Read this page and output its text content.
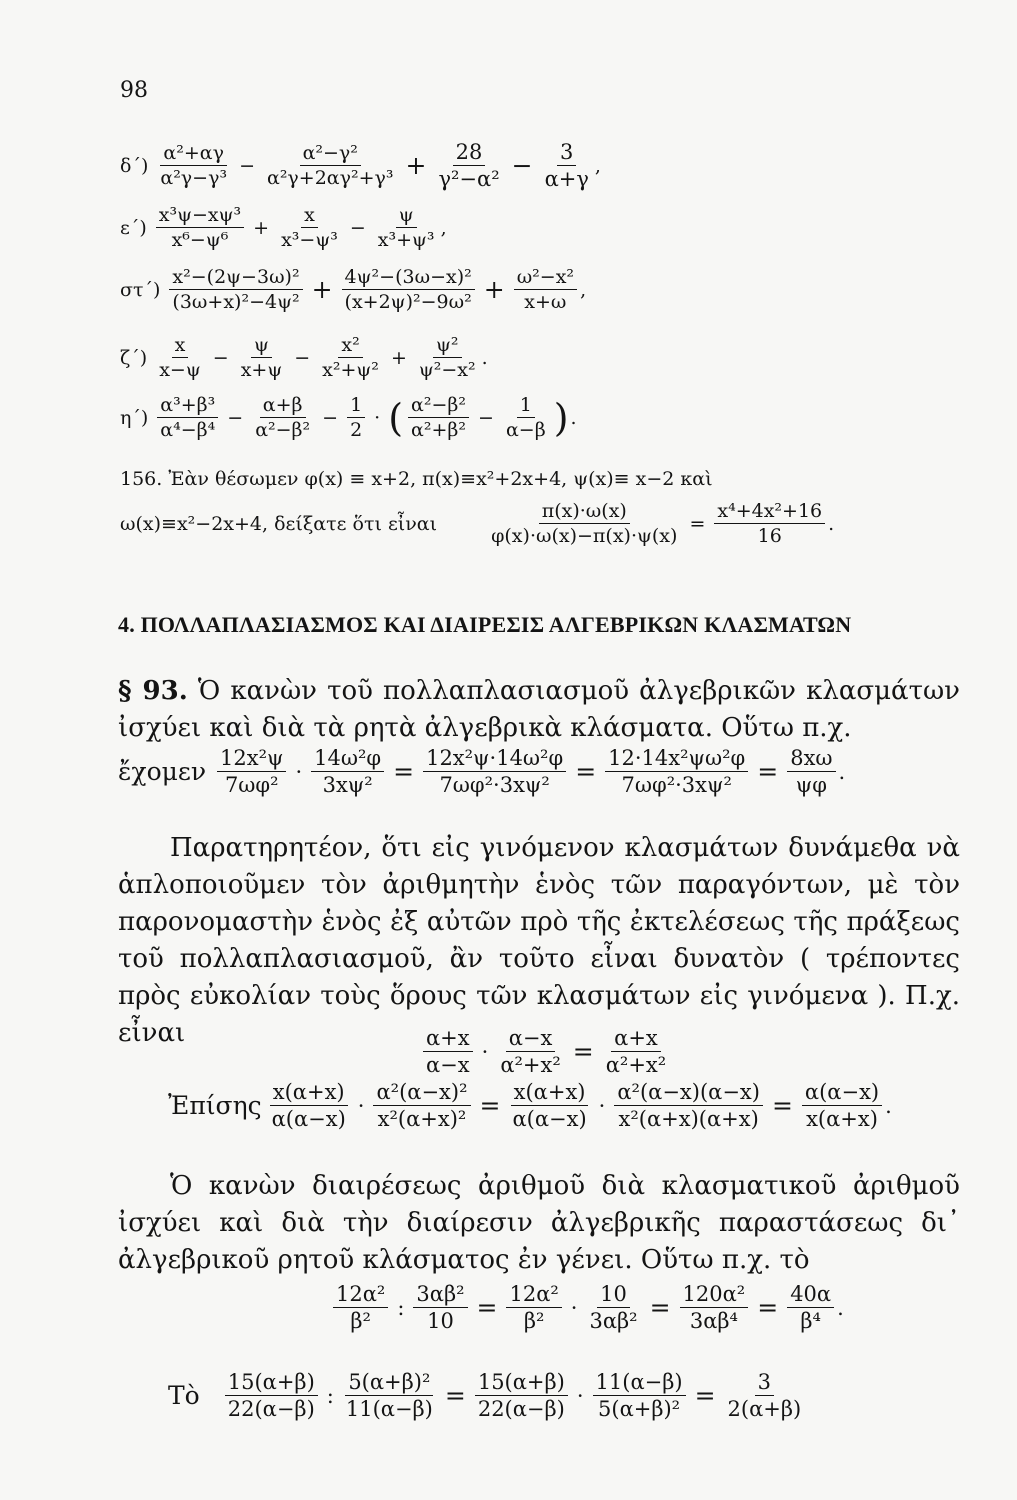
98
$\delta΄) \frac{\text{α²+αγ}}{\text{α²γ−γ³}} - \frac{\text{α²−γ²}}{\text{α²γ+2αγ²+γ³}} + \frac{28}{\text{γ²−α²}} - \frac{3}{\alpha+\gamma}$ ,
$\varepsilon΄) \frac{\text{x³ψ−xψ³}}{\text{x⁶−ψ⁶}} + \frac{x}{\text{x³−ψ³}} - \frac{\psi}{\text{x³+ψ³}}$ ,
$\sigma\tau΄) \frac{\text{x²−(2ψ−3ω)²}}{\text{(3ω+x)²−4ψ²}} + \frac{\text{4ψ²−(3ω−x)²}}{\text{(x+2ψ)²−9ω²}} + \frac{\text{ω²−x²}}{x+\omega}$ ,
$\zeta΄) \frac{x}{x-\psi} - \frac{\psi}{x+\psi} - \frac{\text{x²}}{\text{x²+ψ²}} + \frac{\text{ψ²}}{\text{ψ²−x²}}$ .
$\eta΄) \frac{\text{α³+β³}}{\text{α⁴−β⁴}} - \frac{\alpha+\beta}{\text{α²−β²}} - \frac{1}{2}$ · ( $\frac{\text{α²−β²}}{\text{α²+β²}} - \frac{1}{\alpha-\beta}$ ) .
156. Ἐὰν θέσωμεν φ(x) ≡ x+2, π(x)≡x²+2x+4, ψ(x)≡ x−2 καὶ
ω(x)≡x²−2x+4, δείξατε ὅτι εἶναι	$\frac{\pi(x)\cdot\omega(x)}{\varphi(x)\cdot\omega(x)-\pi(x)\cdot\psi(x)} = \frac{\text{x⁴+4x²+16}}{16}$ .
4. ΠΟΛΛΑΠΛΑΣΙΑΣΜΟΣ ΚΑΙ ΔΙΑΙΡΕΣΙΣ ΑΛΓΕΒΡΙΚΩΝ ΚΛΑΣΜΑΤΩΝ
§ 93. Ὁ κανὼν τοῦ πολλαπλασιασμοῦ ἀλγεβρικῶν κλασμάτων ἰσχύει καὶ διὰ τὰ ρητὰ ἀλγεβρικὰ κλάσματα. Οὕτω π.χ.
ἔχομεν $\frac{\text{12x²ψ}}{\text{7ωφ²}} \cdot \frac{\text{14ω²φ}}{\text{3xψ²}} = \frac{\text{12x²ψ·14ω²φ}}{\text{7ωφ²·3xψ²}} = \frac{\text{12·14x²ψω²φ}}{\text{7ωφ²·3xψ²}} = \frac{8x\omega}{\psi\varphi}$ .
Παρατηρητέον, ὅτι εἰς γινόμενον κλασμάτων δυνάμεθα νὰ ἁπλοποιοῦμεν τὸν ἀριθμητὴν ἑνὸς τῶν παραγόντων, μὲ τὸν παρονομαστὴν ἑνὸς ἐξ αὐτῶν πρὸ τῆς ἐκτελέσεως τῆς πράξεως τοῦ πολλαπλασιασμοῦ, ἂν τοῦτο εἶναι δυνατὸν ( τρέποντες πρὸς εὐκολίαν τοὺς ὅρους τῶν κλασμάτων εἰς γινόμενα ). Π.χ. εἶναι	$\frac{\alpha+x}{\alpha-x} \cdot \frac{\alpha-x}{\text{α²+x²}} = \frac{\alpha+x}{\text{α²+x²}}$
Ἐπίσης $\frac{x(\alpha+x)}{\alpha(\alpha-x)} \cdot \frac{\text{α²(α−x)²}}{\text{x²(α+x)²}} = \frac{x(\alpha+x)}{\alpha(\alpha-x)} \cdot \frac{\text{α²(α−x)(α−x)}}{\text{x²(α+x)(α+x)}} = \frac{\alpha(\alpha-x)}{x(\alpha+x)}$ .
Ὁ κανὼν διαιρέσεως ἀριθμοῦ διὰ κλασματικοῦ ἀριθμοῦ ἰσχύει καὶ διὰ τὴν διαίρεσιν ἀλγεβρικῆς παραστάσεως δι᾽ ἀλγεβρικοῦ ρητοῦ κλάσματος ἐν γένει. Οὕτω π.χ. τὸ
$\frac{\text{12α²}}{\text{β²}}$ : $\frac{\text{3αβ²}}{10} = \frac{\text{12α²}}{\text{β²}} \cdot \frac{10}{\text{3αβ²}} = \frac{\text{120α²}}{\text{3αβ⁴}} = \frac{40\alpha}{\text{β⁴}}$ .
Τὸ $\frac{15(\alpha+\beta)}{22(\alpha-\beta)}$ : $\frac{\text{5(α+β)²}}{11(\alpha-\beta)} = \frac{15(\alpha+\beta)}{22(\alpha-\beta)} \cdot \frac{11(\alpha-\beta)}{\text{5(α+β)²}} = \frac{3}{2(\alpha+\beta)}$
